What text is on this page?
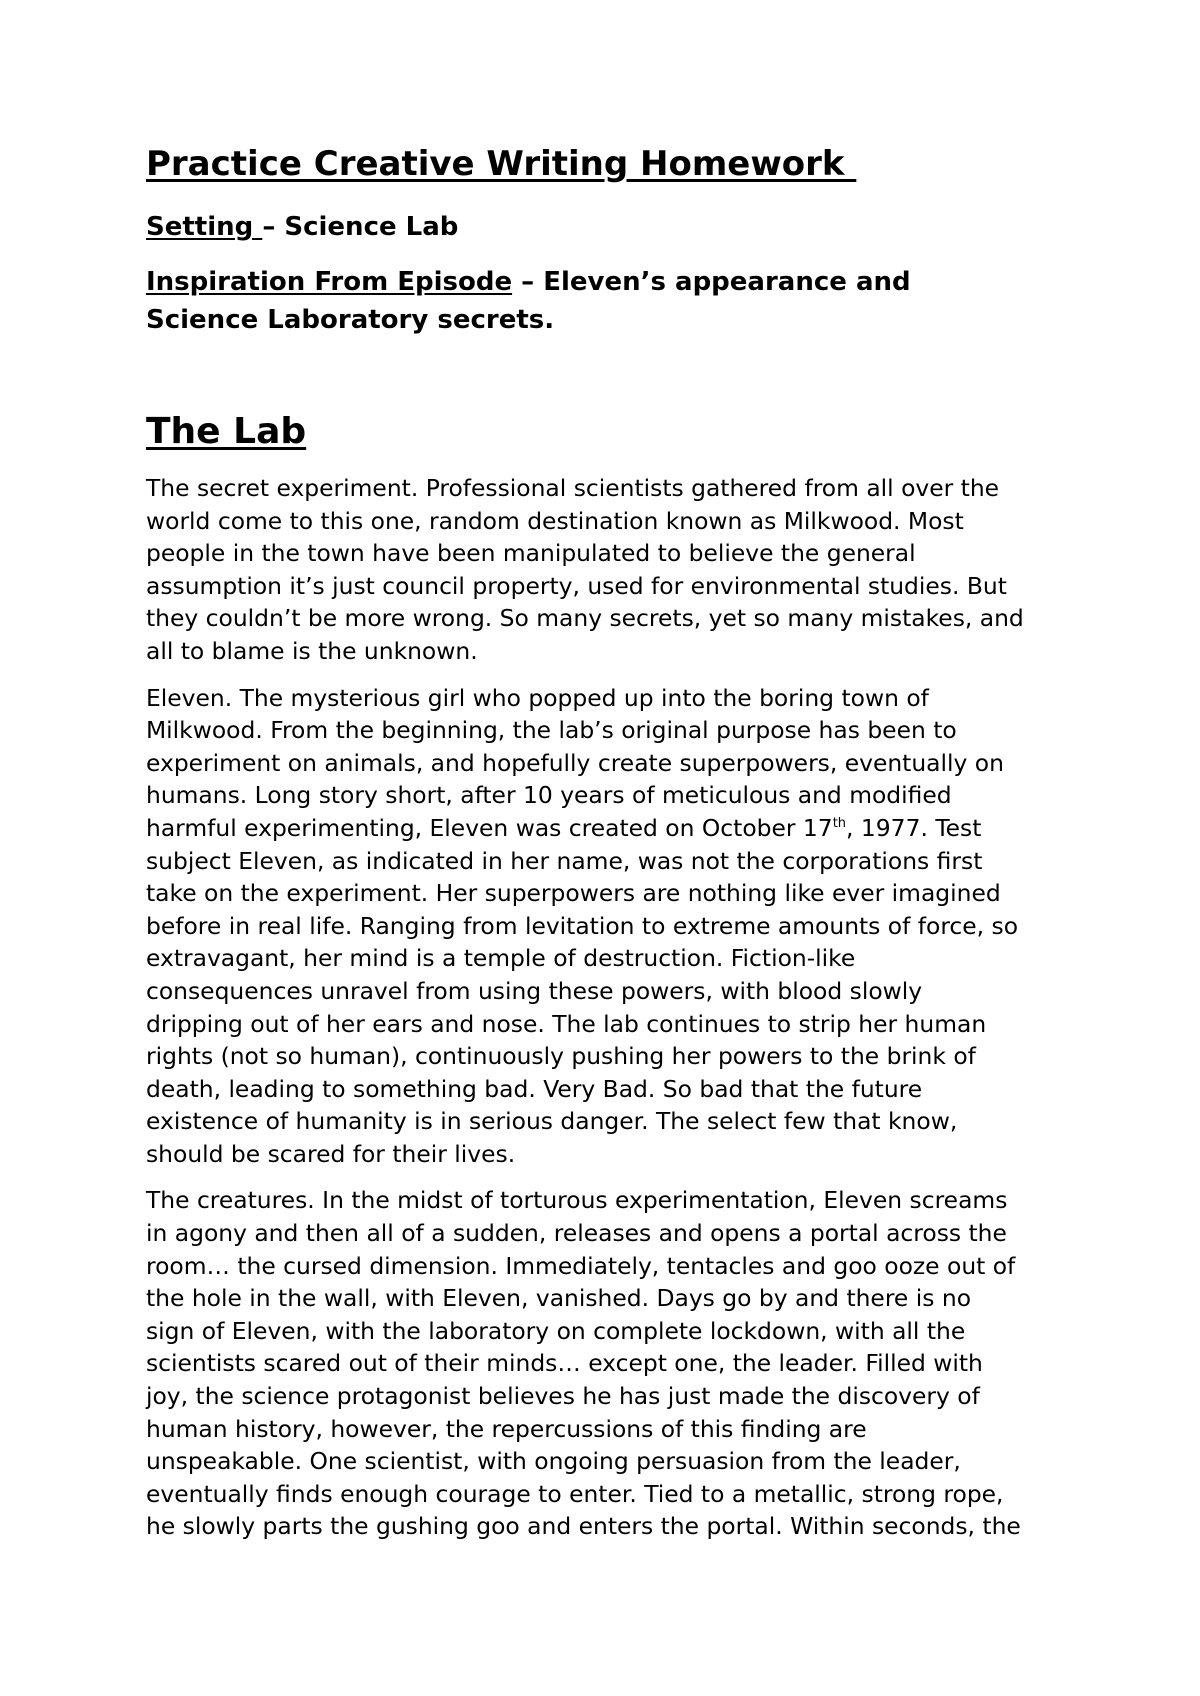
Practice Creative Writing Homework

Setting – Science Lab

Inspiration From Episode – Eleven’s appearance and
Science Laboratory secrets.

The Lab

The secret experiment. Professional scientists gathered from all over the
world come to this one, random destination known as Milkwood. Most
people in the town have been manipulated to believe the general
assumption it’s just council property, used for environmental studies. But
they couldn’t be more wrong. So many secrets, yet so many mistakes, and
all to blame is the unknown.

Eleven. The mysterious girl who popped up into the boring town of
Milkwood. From the beginning, the lab’s original purpose has been to
experiment on animals, and hopefully create superpowers, eventually on
humans. Long story short, after 10 years of meticulous and modified
harmful experimenting, Eleven was created on October 17th, 1977. Test
subject Eleven, as indicated in her name, was not the corporations first
take on the experiment. Her superpowers are nothing like ever imagined
before in real life. Ranging from levitation to extreme amounts of force, so
extravagant, her mind is a temple of destruction. Fiction-like
consequences unravel from using these powers, with blood slowly
dripping out of her ears and nose. The lab continues to strip her human
rights (not so human), continuously pushing her powers to the brink of
death, leading to something bad. Very Bad. So bad that the future
existence of humanity is in serious danger. The select few that know,
should be scared for their lives.

The creatures. In the midst of torturous experimentation, Eleven screams
in agony and then all of a sudden, releases and opens a portal across the
room… the cursed dimension. Immediately, tentacles and goo ooze out of
the hole in the wall, with Eleven, vanished. Days go by and there is no
sign of Eleven, with the laboratory on complete lockdown, with all the
scientists scared out of their minds… except one, the leader. Filled with
joy, the science protagonist believes he has just made the discovery of
human history, however, the repercussions of this finding are
unspeakable. One scientist, with ongoing persuasion from the leader,
eventually finds enough courage to enter. Tied to a metallic, strong rope,
he slowly parts the gushing goo and enters the portal. Within seconds, the
